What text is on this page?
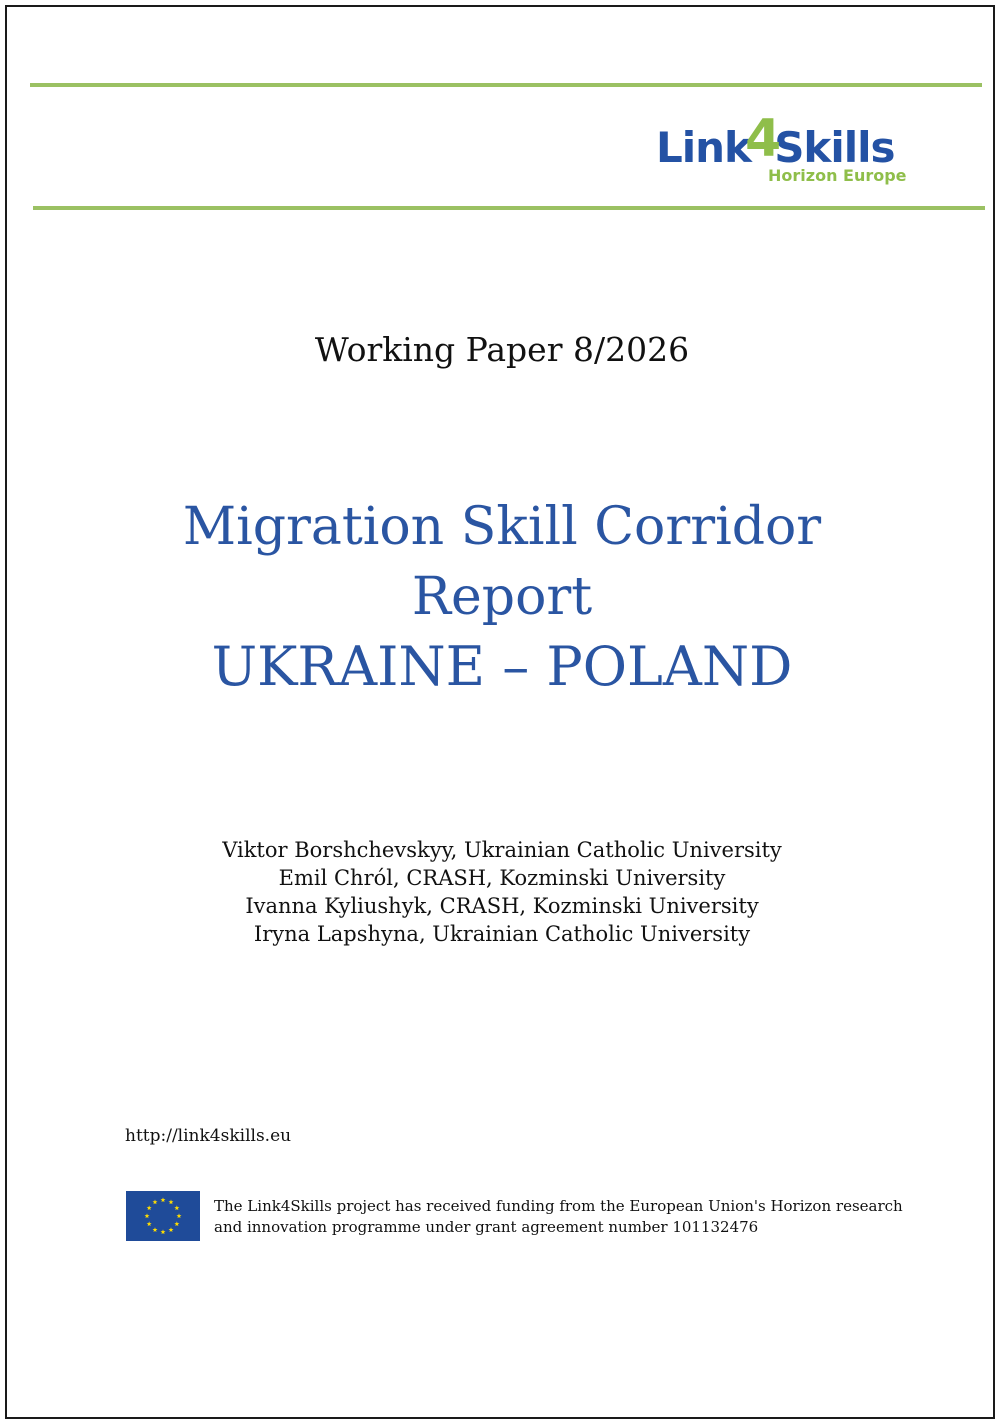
Link4Skills
Horizon Europe
Working Paper 8/2026
Migration Skill Corridor
Report
UKRAINE – POLAND
Viktor Borshchevskyy, Ukrainian Catholic University
Emil Chról, CRASH, Kozminski University
Ivanna Kyliushyk, CRASH, Kozminski University
Iryna Lapshyna, Ukrainian Catholic University
http://link4skills.eu
The Link4Skills project has received funding from the European Union's Horizon research
and innovation programme under grant agreement number 101132476
